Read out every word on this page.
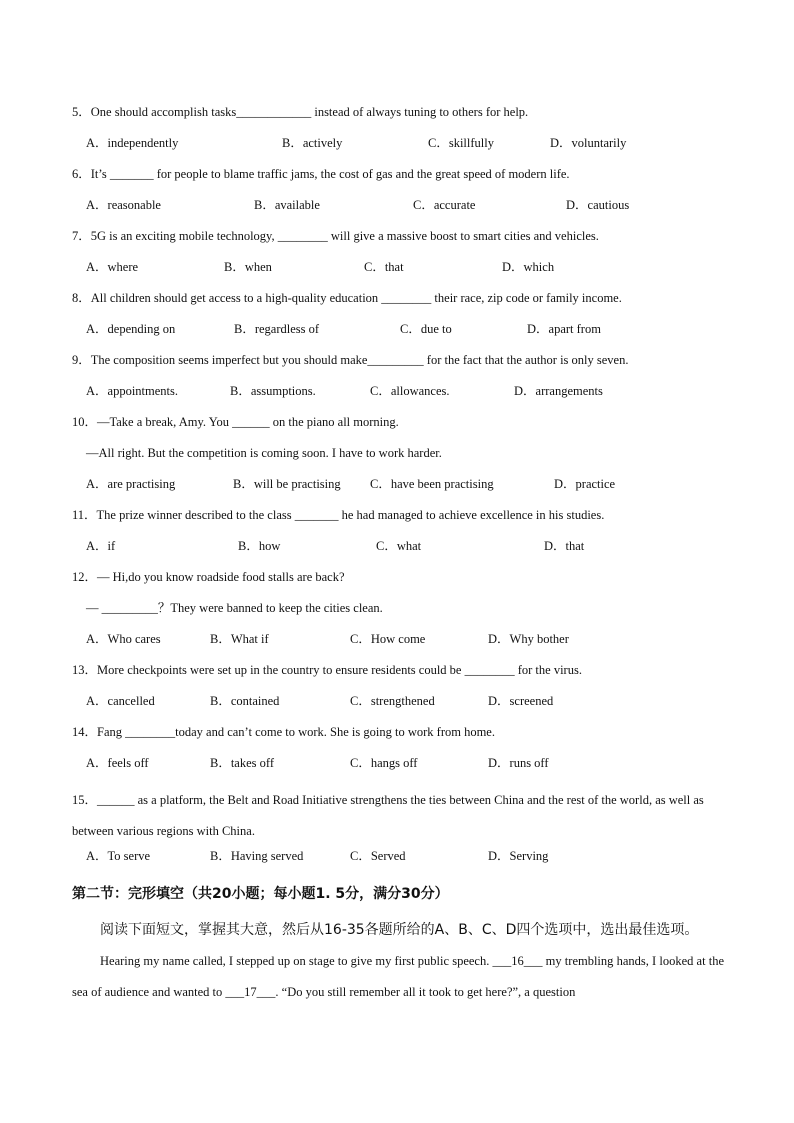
5．One should accomplish tasks____________ instead of always tuning to others for help.
A．independently	B．actively	C．skillfully	D．voluntarily
6．It’s _______ for people to blame traffic jams, the cost of gas and the great speed of modern life.
A．reasonable	B．available	C．accurate	D．cautious
7．5G is an exciting mobile technology, ________ will give a massive boost to smart cities and vehicles.
A．where	B．when	C．that	D．which
8．All children should get access to a high-quality education ________ their race, zip code or family income.
A．depending on	B．regardless of	C．due to	D．apart from
9．The composition seems imperfect but you should make_________ for the fact that the author is only seven.
A．appointments.	B．assumptions.	C．allowances.	D．arrangements
10．—Take a break, Amy. You ______ on the piano all morning.
—All right. But the competition is coming soon. I have to work harder.
A．are practising	B．will be practising	C．have been practising	D．practice
11．The prize winner described to the class _______ he had managed to achieve excellence in his studies.
A．if	B．how	C．what	D．that
12．— Hi,do you know roadside food stalls are back?
— _________？They were banned to keep the cities clean.
A．Who cares	B．What if	C．How come	D．Why bother
13．More checkpoints were set up in the country to ensure residents could be ________ for the virus.
A．cancelled	B．contained	C．strengthened	D．screened
14．Fang ________today and can’t come to work. She is going to work from home.
A．feels off	B．takes off	C．hangs off	D．runs off
15．______ as a platform, the Belt and Road Initiative strengthens the ties between China and the rest of the world, as well as between various regions with China.
A．To serve	B．Having served	C．Served	D．Serving
第二节：完形填空（共20小题；每小题1. 5分，满分30分）

阅读下面短文，掌握其大意，然后从16-35各题所给的A、B、C、D四个选项中，选出最佳选项。

Hearing my name called, I stepped up on stage to give my first public speech. ___16___ my trembling hands, I looked at the sea of audience and wanted to ___17___. “Do you still remember all it took to get here?”, a question
